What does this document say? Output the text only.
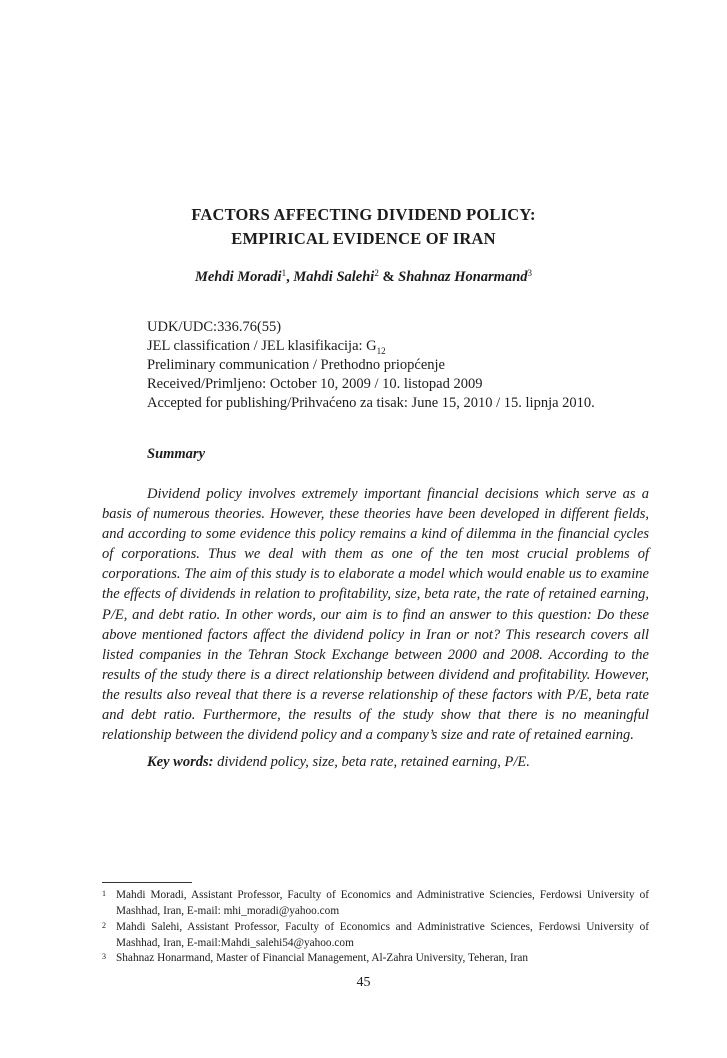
FACTORS AFFECTING DIVIDEND POLICY:
EMPIRICAL EVIDENCE OF IRAN
Mehdi Moradi$^1$, Mahdi Salehi$^2$ & Shahnaz Honarmand$^3$
UDK/UDC:336.76(55)
JEL classification / JEL klasifikacija: $G_{12}$
Preliminary communication / Prethodno priopćenje
Received/Primljeno: October 10, 2009 / 10. listopad 2009
Accepted for publishing/Prihvaćeno za tisak: June 15, 2010 / 15. lipnja 2010.
Summary

Dividend policy involves extremely important financial decisions which serve as a basis of numerous theories. However, these theories have been developed in different fields, and according to some evidence this policy remains a kind of dilemma in the financial cycles of corporations. Thus we deal with them as one of the ten most crucial problems of corporations. The aim of this study is to elaborate a model which would enable us to examine the effects of dividends in relation to profitability, size, beta rate, the rate of retained earning, P/E, and debt ratio. In other words, our aim is to find an answer to this question: Do these above mentioned factors affect the dividend policy in Iran or not? This research covers all listed companies in the Tehran Stock Exchange between 2000 and 2008. According to the results of the study there is a direct relationship between dividend and profitability. However, the results also reveal that there is a reverse relationship of these factors with P/E, beta rate and debt ratio. Furthermore, the results of the study show that there is no meaningful relationship between the dividend policy and a company’s size and rate of retained earning.

Key words: dividend policy, size, beta rate, retained earning, P/E.
1 Mahdi Moradi, Assistant Professor, Faculty of Economics and Administrative Sciencies, Ferdowsi University of Mashhad, Iran, E-mail: mhi_moradi@yahoo.com
2 Mahdi Salehi, Assistant Professor, Faculty of Economics and Administrative Sciences, Ferdowsi University of Mashhad, Iran, E-mail:Mahdi_salehi54@yahoo.com
3 Shahnaz Honarmand, Master of Financial Management, Al-Zahra University, Teheran, Iran
45
